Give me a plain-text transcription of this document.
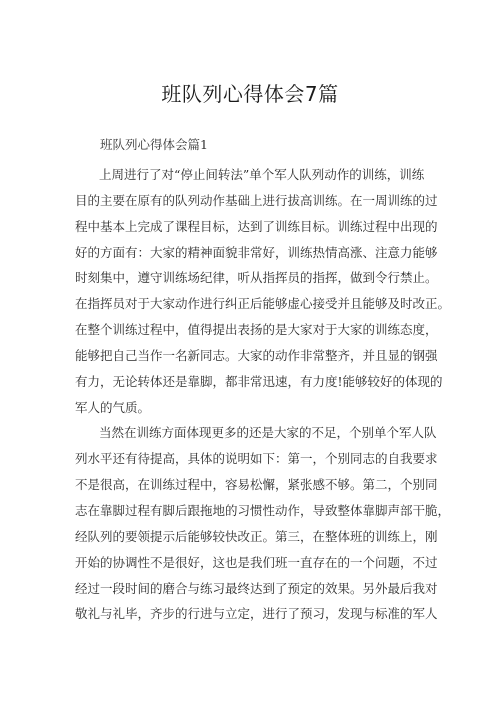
班队列心得体会7篇

班队列心得体会篇1

上周进行了对“停止间转法”单个军人队列动作的训练，训练

目的主要在原有的队列动作基础上进行拔高训练。在一周训练的过

程中基本上完成了课程目标，达到了训练目标。训练过程中出现的

好的方面有：大家的精神面貌非常好，训练热情高涨、注意力能够

时刻集中，遵守训练场纪律，听从指挥员的指挥，做到令行禁止。

在指挥员对于大家动作进行纠正后能够虚心接受并且能够及时改正。

在整个训练过程中，值得提出表扬的是大家对于大家的训练态度，

能够把自己当作一名新同志。大家的动作非常整齐，并且显的钢强

有力，无论转体还是靠脚，都非常迅速，有力度!能够较好的体现的

军人的气质。

当然在训练方面体现更多的还是大家的不足，个别单个军人队

列水平还有待提高，具体的说明如下：第一，个别同志的自我要求

不是很高，在训练过程中，容易松懈，紧张感不够。第二，个别同

志在靠脚过程有脚后跟拖地的习惯性动作，导致整体靠脚声部干脆，

经队列的要领提示后能够较快改正。第三，在整体班的训练上，刚

开始的协调性不是很好，这也是我们班一直存在的一个问题，不过

经过一段时间的磨合与练习最终达到了预定的效果。另外最后我对

敬礼与礼毕，齐步的行进与立定，进行了预习，发现与标准的军人
